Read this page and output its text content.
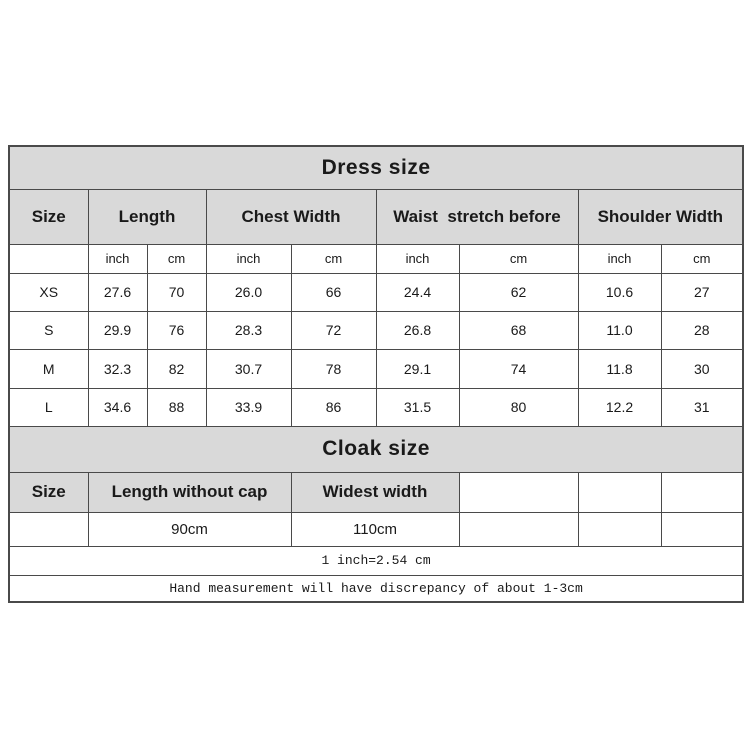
Dress size								
Size	Length		Chest Width		Waist  stretch before		Shoulder Width	
	inch	cm	inch	cm	inch	cm	inch	cm
XS	27.6	70	26.0	66	24.4	62	10.6	27
S	29.9	76	28.3	72	26.8	68	11.0	28
M	32.3	82	30.7	78	29.1	74	11.8	30
L	34.6	88	33.9	86	31.5	80	12.2	31
Cloak size								
Size	Length without cap			Widest width				
	90cm			110cm				
1 inch=2.54 cm								
Hand measurement will have discrepancy of about 1-3cm								
